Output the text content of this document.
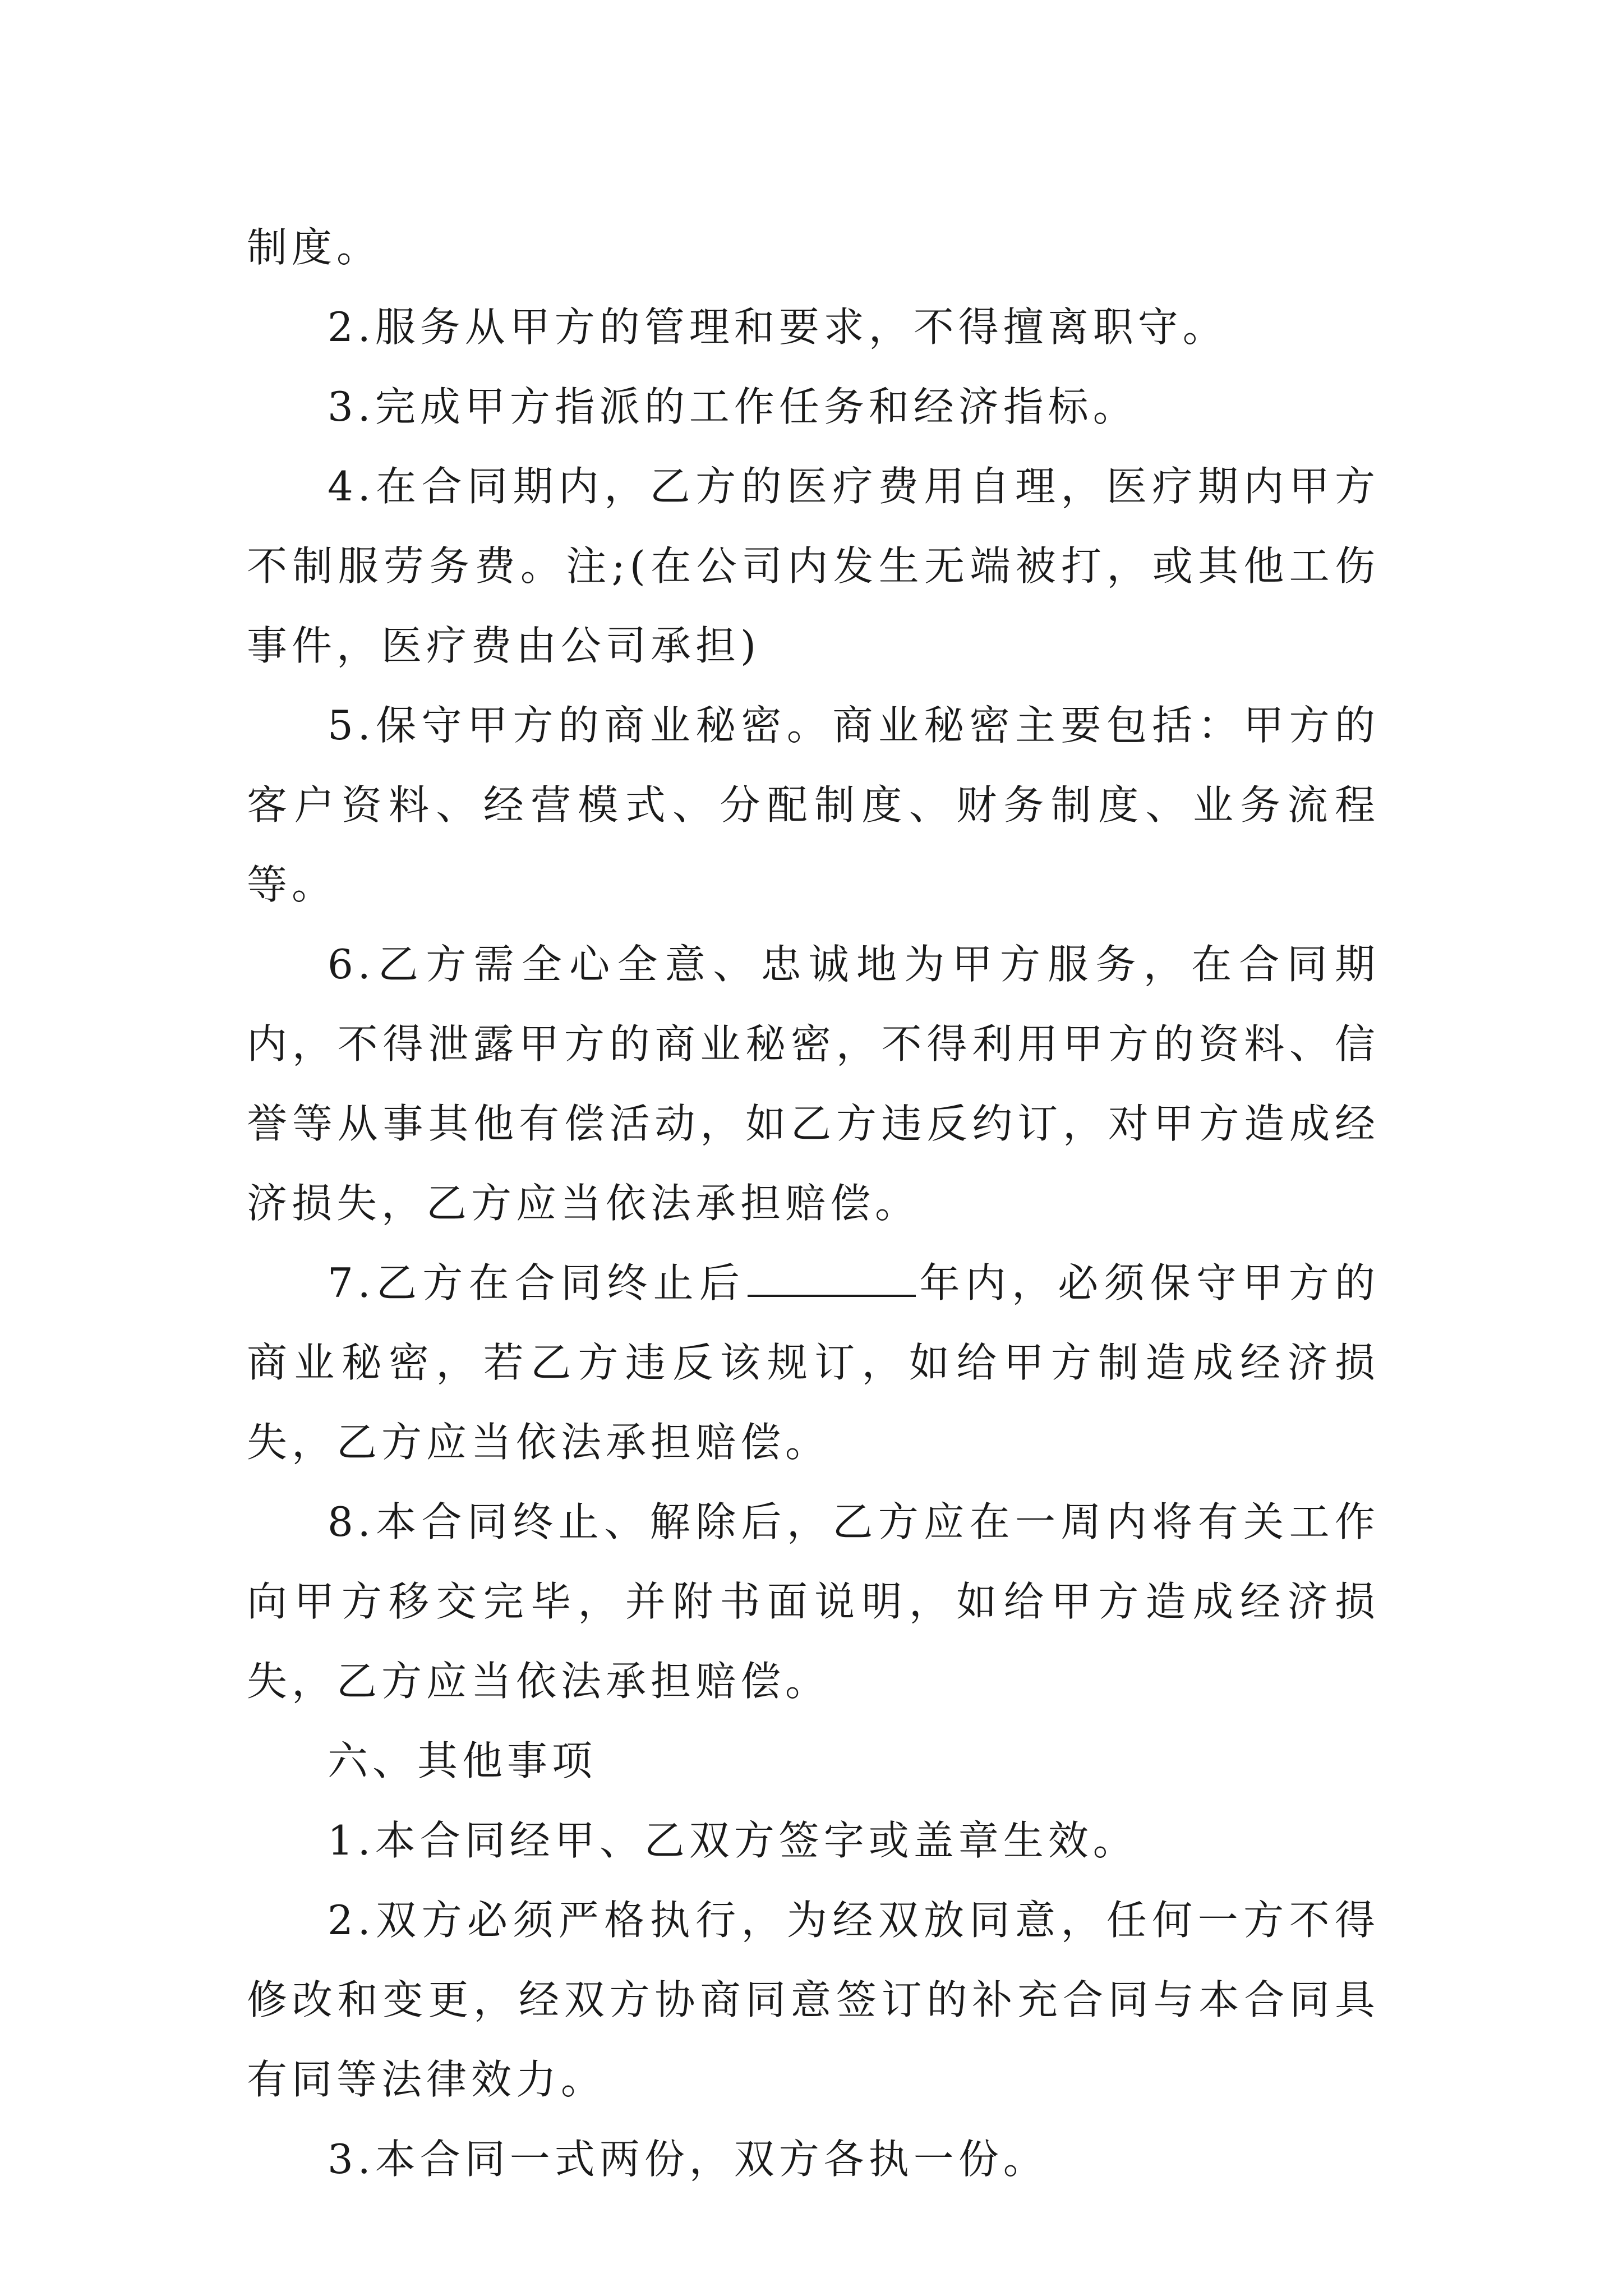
制度。

2.服务从甲方的管理和要求，不得擅离职守。

3.完成甲方指派的工作任务和经济指标。

4.在合同期内，乙方的医疗费用自理，医疗期内甲方不制服劳务费。注;(在公司内发生无端被打，或其他工伤事件，医疗费由公司承担)

5.保守甲方的商业秘密。商业秘密主要包括：甲方的客户资料、经营模式、分配制度、财务制度、业务流程等。

6.乙方需全心全意、忠诚地为甲方服务，在合同期内，不得泄露甲方的商业秘密，不得利用甲方的资料、信誉等从事其他有偿活动，如乙方违反约订，对甲方造成经济损失，乙方应当依法承担赔偿。

7.乙方在合同终止后	年内，必须保守甲方的商业秘密，若乙方违反该规订，如给甲方制造成经济损失，乙方应当依法承担赔偿。

8.本合同终止、解除后，乙方应在一周内将有关工作向甲方移交完毕，并附书面说明，如给甲方造成经济损失，乙方应当依法承担赔偿。

六、其他事项

1.本合同经甲、乙双方签字或盖章生效。

2.双方必须严格执行，为经双放同意，任何一方不得修改和变更，经双方协商同意签订的补充合同与本合同具有同等法律效力。

3.本合同一式两份，双方各执一份。
